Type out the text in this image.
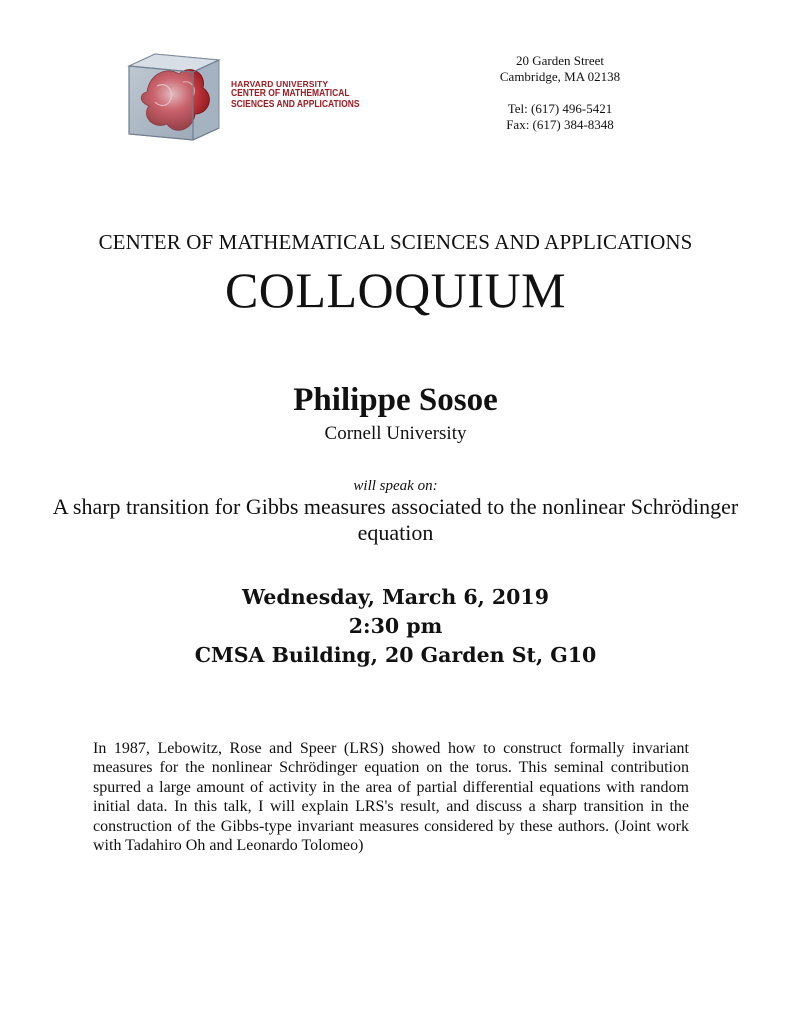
HARVARD UNIVERSITY
CENTER OF MATHEMATICAL
SCIENCES AND APPLICATIONS
20 Garden Street
Cambridge, MA 02138
Tel: (617) 496-5421
Fax: (617) 384-8348
CENTER OF MATHEMATICAL SCIENCES AND APPLICATIONS
COLLOQUIUM
Philippe Sosoe
Cornell University
will speak on:
A sharp transition for Gibbs measures associated to the nonlinear Schrödinger equation
Wednesday, March 6, 2019
2:30 pm
CMSA Building, 20 Garden St, G10
In 1987, Lebowitz, Rose and Speer (LRS) showed how to construct formally invariant measures for the nonlinear Schrödinger equation on the torus. This seminal contribution spurred a large amount of activity in the area of partial differential equations with random initial data. In this talk, I will explain LRS's result, and discuss a sharp transition in the construction of the Gibbs-type invariant measures considered by these authors. (Joint work with Tadahiro Oh and Leonardo Tolomeo)
